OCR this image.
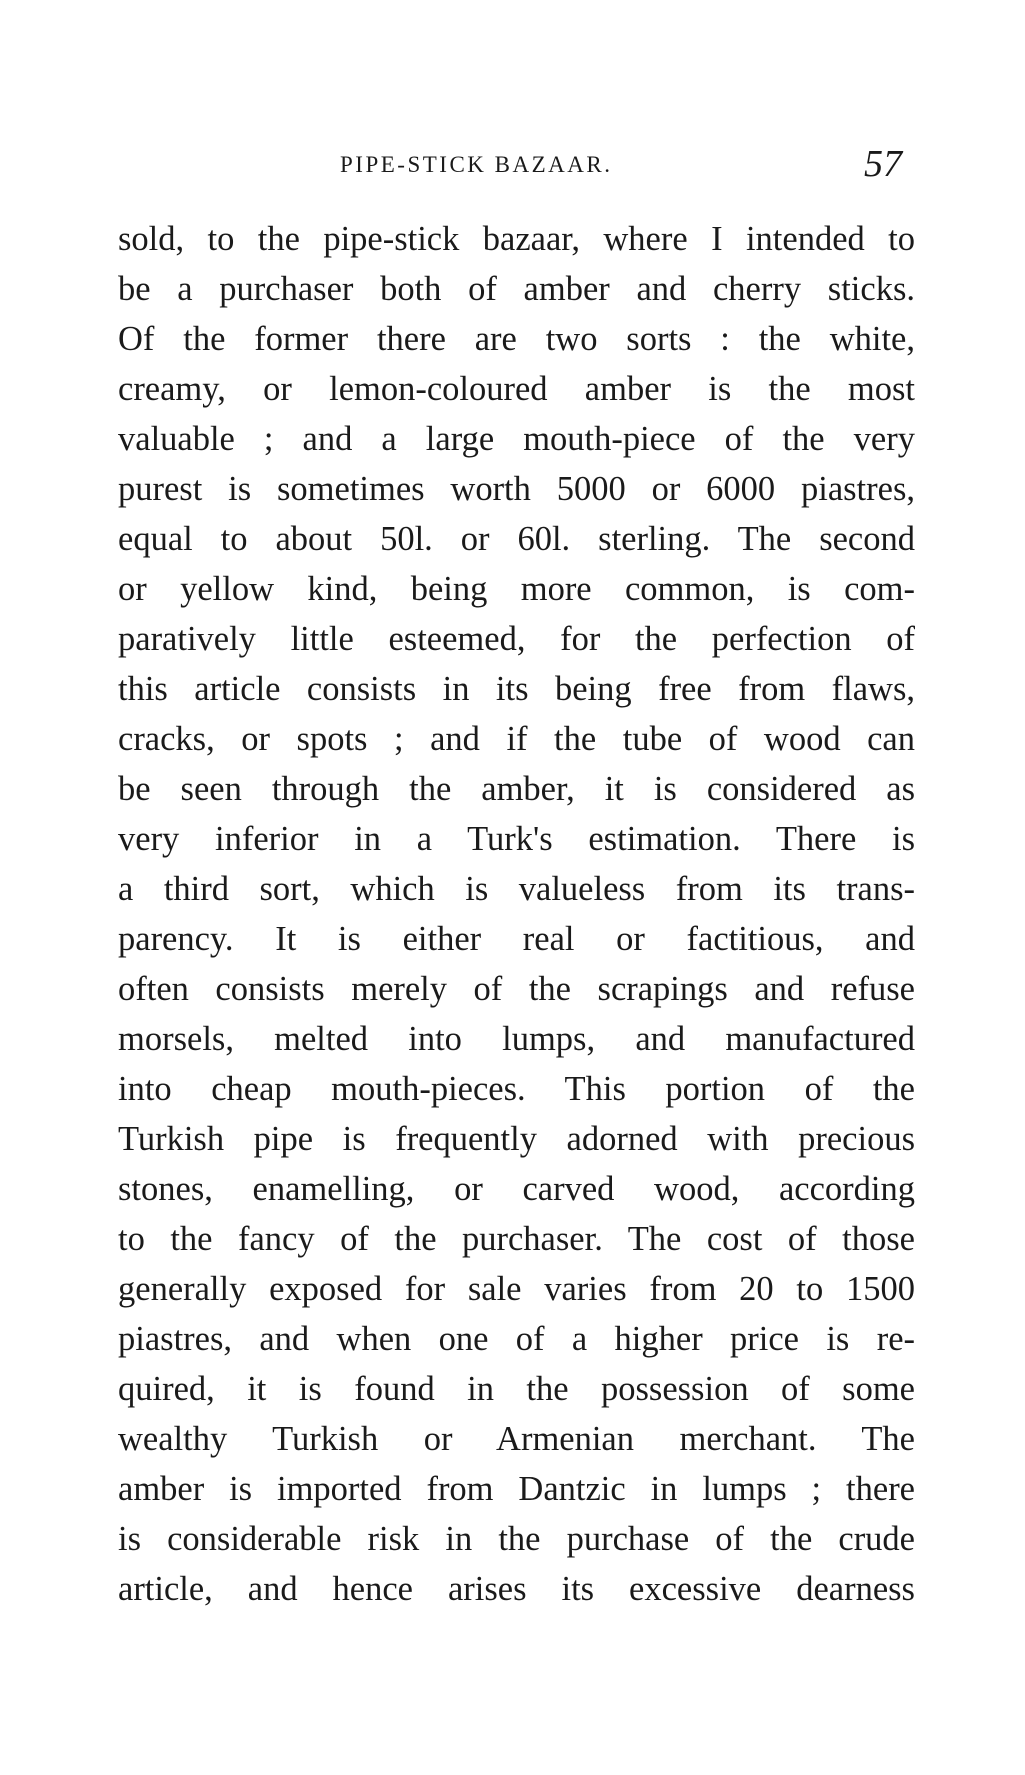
PIPE-STICK BAZAAR.	57
sold, to the pipe-stick bazaar, where I intended to
be a purchaser both of amber and cherry sticks.
Of the former there are two sorts : the white,
creamy, or lemon-coloured amber is the most
valuable ; and a large mouth-piece of the very
purest is sometimes worth 5000 or 6000 piastres,
equal to about 50l. or 60l. sterling. The second
or yellow kind, being more common, is com-
paratively little esteemed, for the perfection of
this article consists in its being free from flaws,
cracks, or spots ; and if the tube of wood can
be seen through the amber, it is considered as
very inferior in a Turk's estimation. There is
a third sort, which is valueless from its trans-
parency. It is either real or factitious, and
often consists merely of the scrapings and refuse
morsels, melted into lumps, and manufactured
into cheap mouth-pieces. This portion of the
Turkish pipe is frequently adorned with precious
stones, enamelling, or carved wood, according
to the fancy of the purchaser. The cost of those
generally exposed for sale varies from 20 to 1500
piastres, and when one of a higher price is re-
quired, it is found in the possession of some
wealthy Turkish or Armenian merchant. The
amber is imported from Dantzic in lumps ; there
is considerable risk in the purchase of the crude
article, and hence arises its excessive dearness
